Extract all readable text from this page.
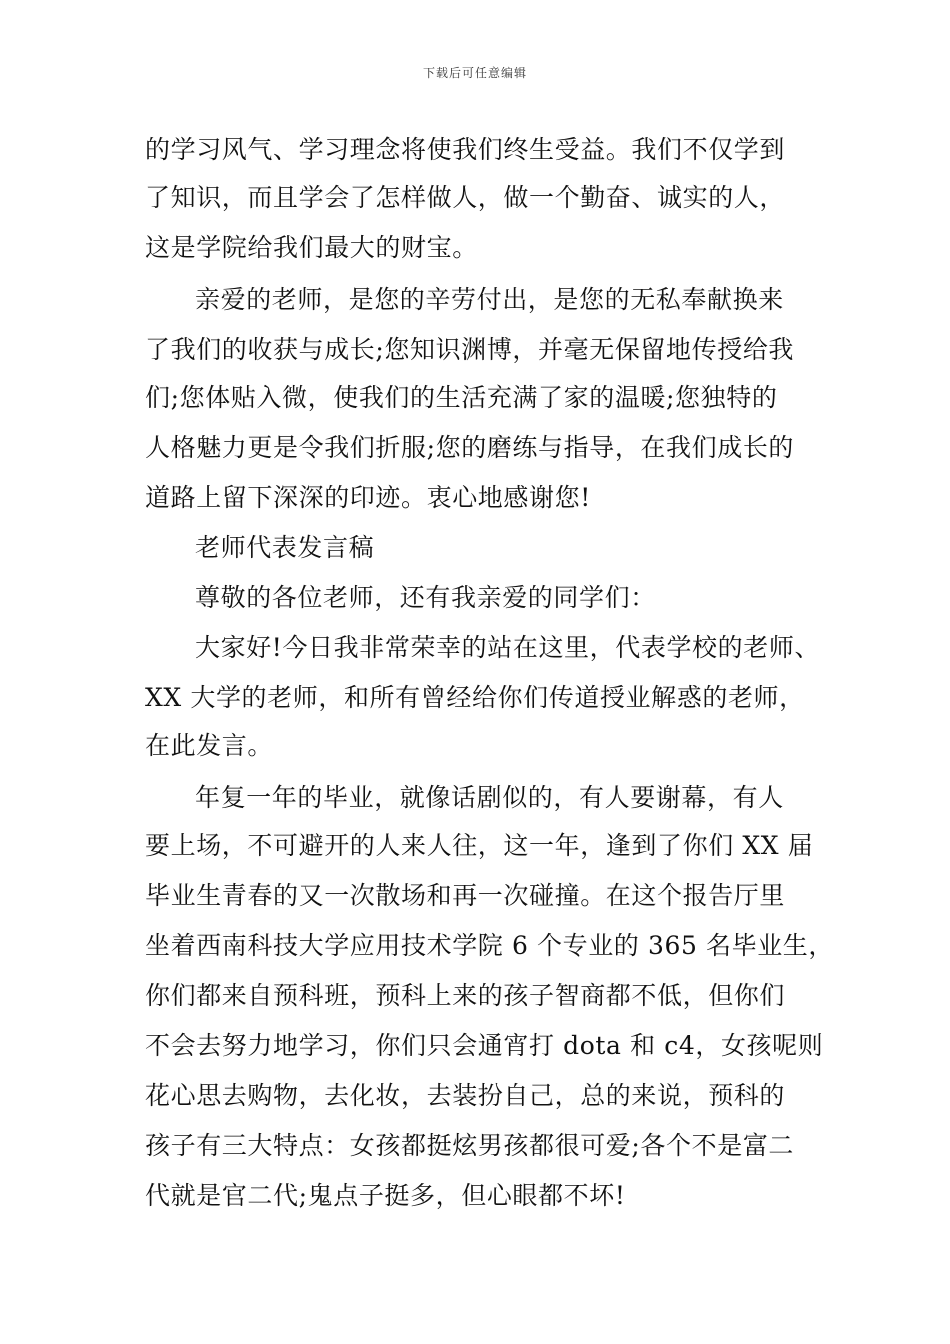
下载后可任意编辑
的学习风气、学习理念将使我们终生受益。我们不仅学到
了知识，而且学会了怎样做人，做一个勤奋、诚实的人，
这是学院给我们最大的财宝。
亲爱的老师，是您的辛劳付出，是您的无私奉献换来
了我们的收获与成长;您知识渊博，并毫无保留地传授给我
们;您体贴入微，使我们的生活充满了家的温暖;您独特的
人格魅力更是令我们折服;您的磨练与指导，在我们成长的
道路上留下深深的印迹。衷心地感谢您!
老师代表发言稿
尊敬的各位老师，还有我亲爱的同学们：
大家好!今日我非常荣幸的站在这里，代表学校的老师、
XX 大学的老师，和所有曾经给你们传道授业解惑的老师，
在此发言。
年复一年的毕业，就像话剧似的，有人要谢幕，有人
要上场，不可避开的人来人往，这一年，逢到了你们 XX 届
毕业生青春的又一次散场和再一次碰撞。在这个报告厅里
坐着西南科技大学应用技术学院 6 个专业的 365 名毕业生，
你们都来自预科班，预科上来的孩子智商都不低，但你们
不会去努力地学习，你们只会通宵打 dota 和 c4，女孩呢则
花心思去购物，去化妆，去装扮自己，总的来说，预科的
孩子有三大特点：女孩都挺炫男孩都很可爱;各个不是富二
代就是官二代;鬼点子挺多，但心眼都不坏!
